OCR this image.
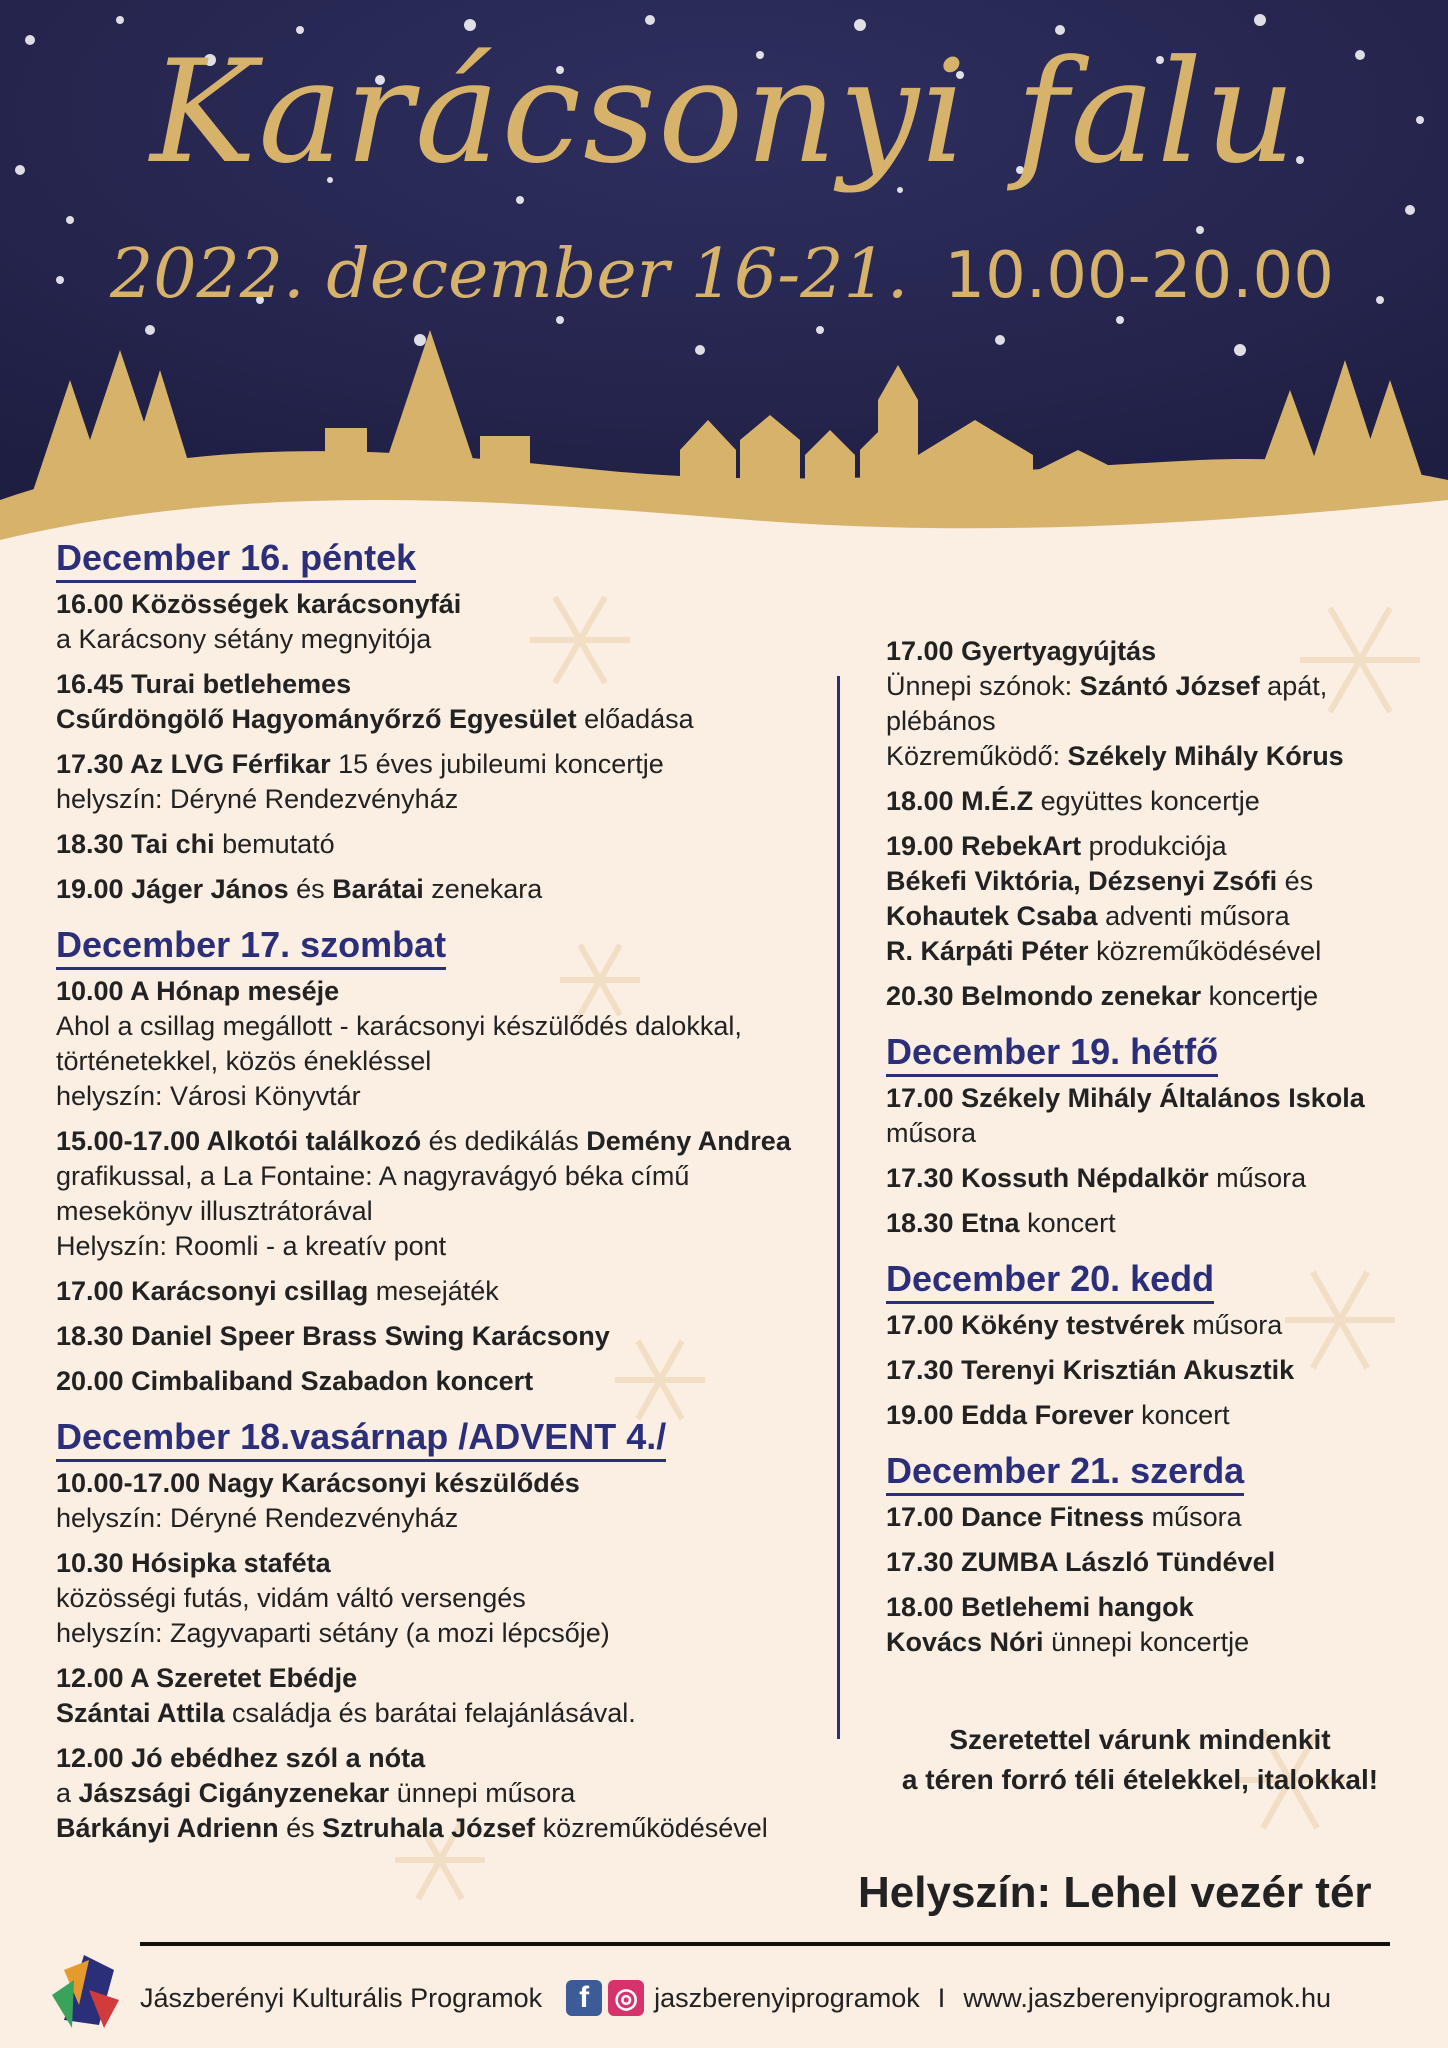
Karácsonyi falu
2022. december 16-21. 10.00-20.00
December 16. péntek
16.00 Közösségek karácsonyfái
a Karácsony sétány megnyitója
16.45 Turai betlehemes
Csűrdöngölő Hagyományőrző Egyesület előadása
17.30 Az LVG Férfikar 15 éves jubileumi koncertje
helyszín: Déryné Rendezvényház
18.30 Tai chi bemutató
19.00 Jáger János és Barátai zenekara
December 17. szombat
10.00 A Hónap meséje
Ahol a csillag megállott - karácsonyi készülődés dalokkal,
történetekkel, közös énekléssel
helyszín: Városi Könyvtár
15.00-17.00 Alkotói találkozó és dedikálás Demény Andrea
grafikussal, a La Fontaine: A nagyravágyó béka című
mesekönyv illusztrátorával
Helyszín: Roomli - a kreatív pont
17.00 Karácsonyi csillag mesejáték
18.30 Daniel Speer Brass Swing Karácsony
20.00 Cimbaliband Szabadon koncert
December 18.vasárnap /ADVENT 4./
10.00-17.00 Nagy Karácsonyi készülődés
helyszín: Déryné Rendezvényház
10.30 Hósipka staféta
közösségi futás, vidám váltó versengés
helyszín: Zagyvaparti sétány (a mozi lépcsője)
12.00 A Szeretet Ebédje
Szántai Attila családja és barátai felajánlásával.
12.00 Jó ebédhez szól a nóta
a Jászsági Cigányzenekar ünnepi műsora
Bárkányi Adrienn és Sztruhala József közreműködésével
17.00 Gyertyagyújtás
Ünnepi szónok: Szántó József apát,
plébános
Közreműködő: Székely Mihály Kórus
18.00 M.É.Z együttes koncertje
19.00 RebekArt produkciója
Békefi Viktória, Dézsenyi Zsófi és
Kohautek Csaba adventi műsora
R. Kárpáti Péter közreműködésével
20.30 Belmondo zenekar koncertje
December 19. hétfő
17.00 Székely Mihály Általános Iskola
műsora
17.30 Kossuth Népdalkör műsora
18.30 Etna koncert
December 20. kedd
17.00 Kökény testvérek műsora
17.30 Terenyi Krisztián Akusztik
19.00 Edda Forever koncert
December 21. szerda
17.00 Dance Fitness műsora
17.30 ZUMBA László Tündével
18.00 Betlehemi hangok
Kovács Nóri ünnepi koncertje
Szeretettel várunk mindenkit
a téren forró téli ételekkel, italokkal!
Helyszín: Lehel vezér tér
Jászberényi Kulturális Programok	f ◎ jaszberenyiprogramok I www.jaszberenyiprogramok.hu
